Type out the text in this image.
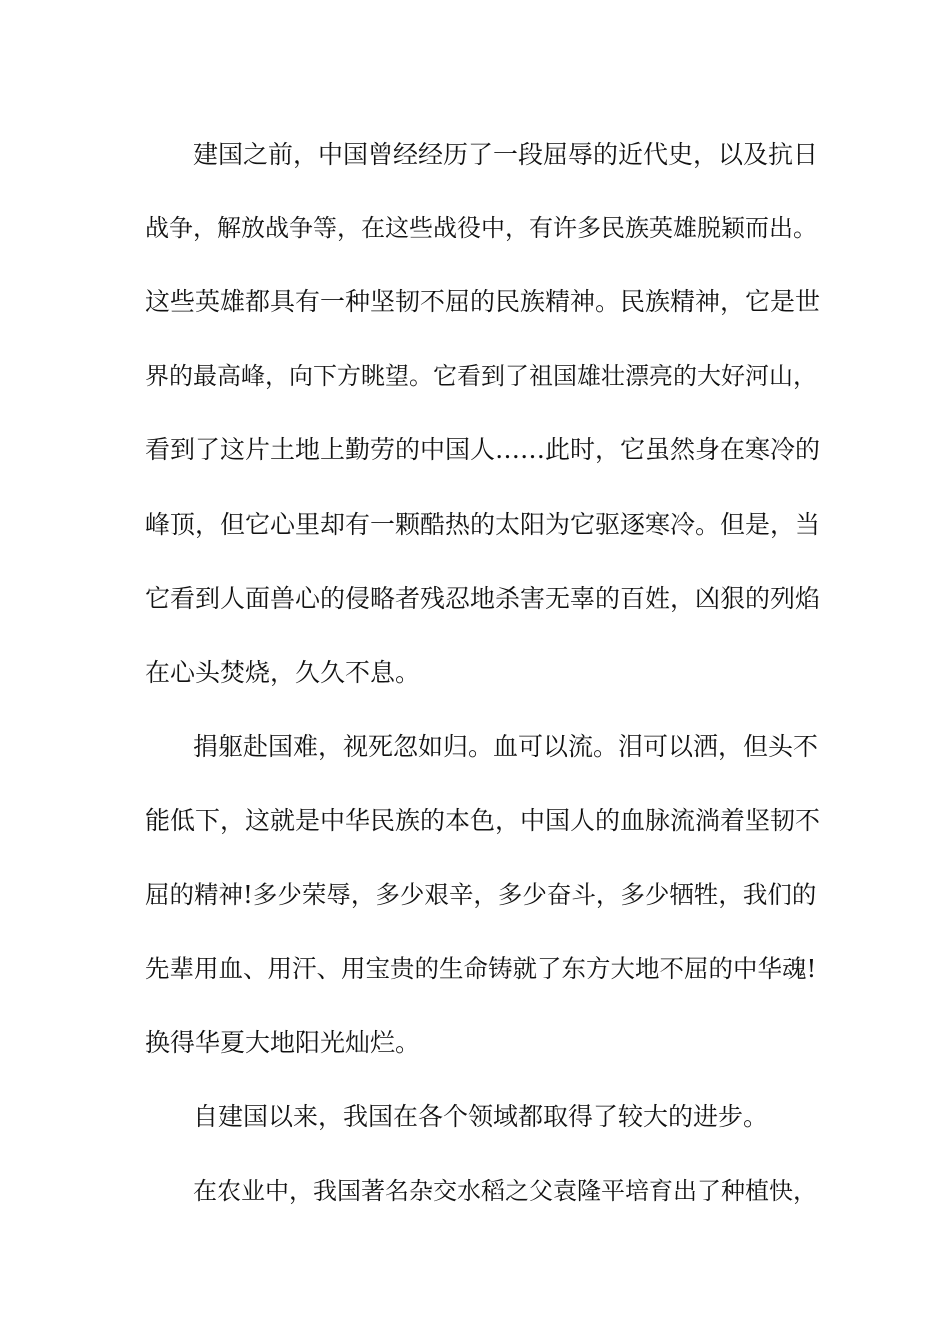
建国之前，中国曾经经历了一段屈辱的近代史，以及抗日
战争，解放战争等，在这些战役中，有许多民族英雄脱颖而出。
这些英雄都具有一种坚韧不屈的民族精神。民族精神，它是世
界的最高峰，向下方眺望。它看到了祖国雄壮漂亮的大好河山，
看到了这片土地上勤劳的中国人……此时，它虽然身在寒冷的
峰顶，但它心里却有一颗酷热的太阳为它驱逐寒冷。但是，当
它看到人面兽心的侵略者残忍地杀害无辜的百姓，凶狠的列焰
在心头焚烧，久久不息。
捐躯赴国难，视死忽如归。血可以流。泪可以洒，但头不
能低下，这就是中华民族的本色，中国人的血脉流淌着坚韧不
屈的精神!多少荣辱，多少艰辛，多少奋斗，多少牺牲，我们的
先辈用血、用汗、用宝贵的生命铸就了东方大地不屈的中华魂!
换得华夏大地阳光灿烂。
自建国以来，我国在各个领域都取得了较大的进步。
在农业中，我国著名杂交水稻之父袁隆平培育出了种植快，
